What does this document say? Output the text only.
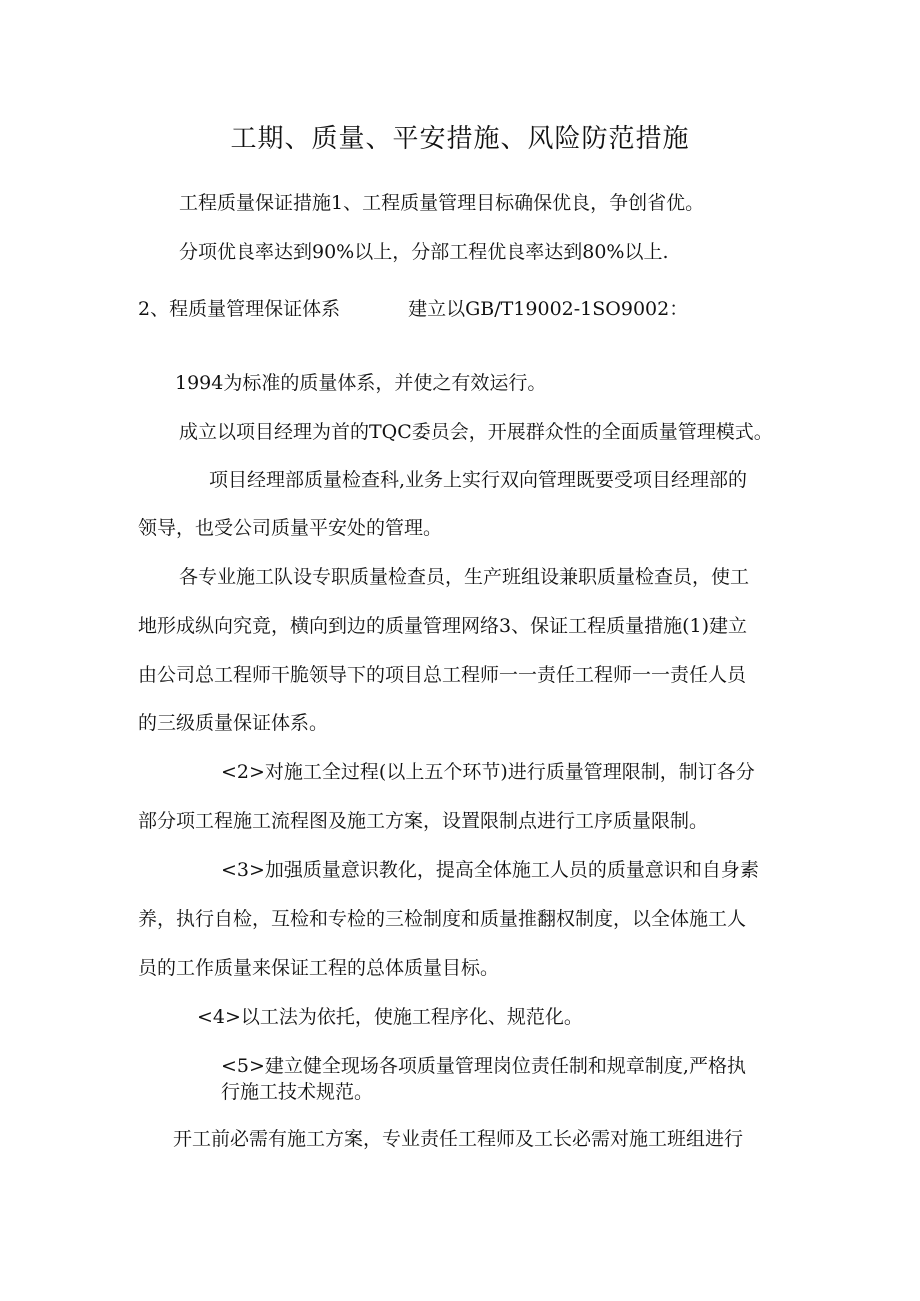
工期、质量、平安措施、风险防范措施
工程质量保证措施1、工程质量管理目标确保优良，争创省优。
分项优良率达到90%以上，分部工程优良率达到80%以上.
2、程质量管理保证体系	建立以GB/T19002-1SO9002：
1994为标准的质量体系，并使之有效运行。
成立以项目经理为首的TQC委员会，开展群众性的全面质量管理模式。
项目经理部质量检查科,业务上实行双向管理既要受项目经理部的
领导，也受公司质量平安处的管理。
各专业施工队设专职质量检查员，生产班组设兼职质量检查员，使工
地形成纵向究竟，横向到边的质量管理网络3、保证工程质量措施(1)建立
由公司总工程师干脆领导下的项目总工程师一一责任工程师一一责任人员
的三级质量保证体系。
<2>对施工全过程(以上五个环节)进行质量管理限制，制订各分
部分项工程施工流程图及施工方案，设置限制点进行工序质量限制。
<3>加强质量意识教化，提高全体施工人员的质量意识和自身素
养，执行自检，互检和专检的三检制度和质量推翻权制度，以全体施工人
员的工作质量来保证工程的总体质量目标。
<4>以工法为依托，使施工程序化、规范化。
<5>建立健全现场各项质量管理岗位责任制和规章制度,严格执
行施工技术规范。
开工前必需有施工方案，专业责任工程师及工长必需对施工班组进行
